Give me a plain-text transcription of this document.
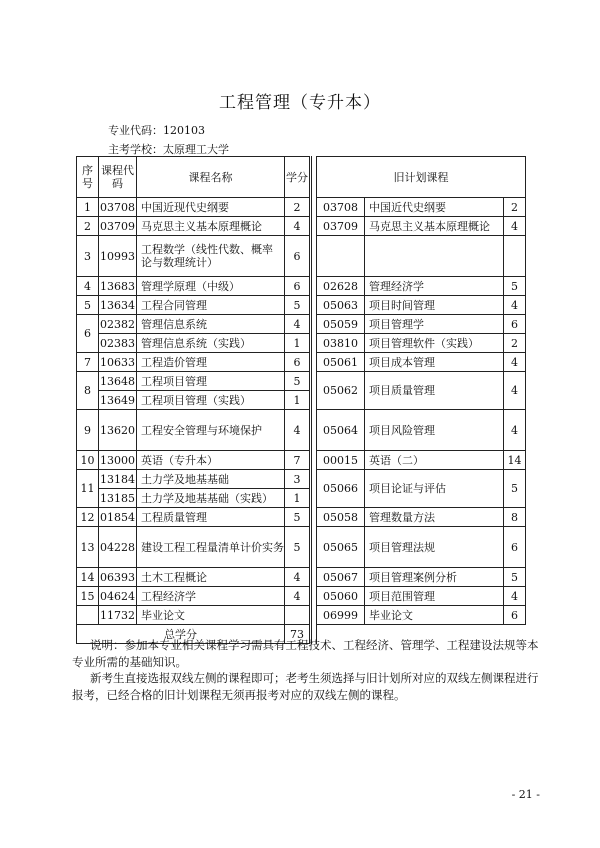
工程管理（专升本）
专业代码：120103
主考学校：太原理工大学
序号	课程代码	课程名称	学分		旧计划课程		
1	03708	中国近现代史纲要	2		03708	中国近代史纲要	2
2	03709	马克思主义基本原理概论	4		03709	马克思主义基本原理概论	4
3	10993	工程数学（线性代数、概率论与数理统计）	6				
4	13683	管理学原理（中级）	6		02628	管理经济学	5
5	13634	工程合同管理	5		05063	项目时间管理	4
6	02382	管理信息系统	4		05059	项目管理学	6
	02383	管理信息系统（实践）	1		03810	项目管理软件（实践）	2
7	10633	工程造价管理	6		05061	项目成本管理	4
8	13648	工程项目管理	5		05062	项目质量管理	4
	13649	工程项目管理（实践）	1				
9	13620	工程安全管理与环境保护	4		05064	项目风险管理	4
10	13000	英语（专升本）	7		00015	英语（二）	14
11	13184	土力学及地基基础	3		05066	项目论证与评估	5
	13185	土力学及地基基础（实践）	1				
12	01854	工程质量管理	5		05058	管理数量方法	8
13	04228	建设工程工程量清单计价实务	5		05065	项目管理法规	6
14	06393	土木工程概论	4		05067	项目管理案例分析	5
15	04624	工程经济学	4		05060	项目范围管理	4
	11732	毕业论文			06999	毕业论文	6
总学分			73				
说明：参加本专业相关课程学习需具有工程技术、工程经济、管理学、工程建设法规等本专业所需的基础知识。
新考生直接选报双线左侧的课程即可；老考生须选择与旧计划所对应的双线左侧课程进行报考，已经合格的旧计划课程无须再报考对应的双线左侧的课程。
- 21 -
